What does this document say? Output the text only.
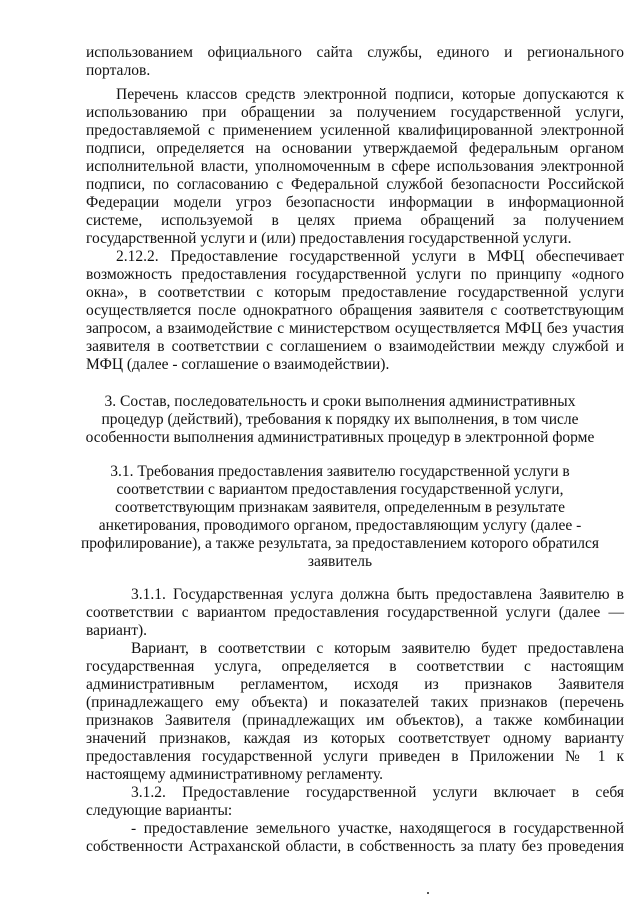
использованием официального сайта службы, единого и регионального
порталов.
Перечень классов средств электронной подписи, которые допускаются к
использованию при обращении за получением государственной услуги,
предоставляемой с применением усиленной квалифицированной электронной
подписи, определяется на основании утверждаемой федеральным органом
исполнительной власти, уполномоченным в сфере использования электронной
подписи, по согласованию с Федеральной службой безопасности Российской
Федерации модели угроз безопасности информации в информационной
системе, используемой в целях приема обращений за получением
государственной услуги и (или) предоставления государственной услуги.
2.12.2. Предоставление государственной услуги в МФЦ обеспечивает
возможность предоставления государственной услуги по принципу «одного
окна», в соответствии с которым предоставление государственной услуги
осуществляется после однократного обращения заявителя с соответствующим
запросом, а взаимодействие с министерством осуществляется МФЦ без участия
заявителя в соответствии с соглашением о взаимодействии между службой и
МФЦ (далее - соглашение о взаимодействии).
3. Состав, последовательность и сроки выполнения административных
процедур (действий), требования к порядку их выполнения, в том числе
особенности выполнения административных процедур в электронной форме
3.1. Требования предоставления заявителю государственной услуги в
соответствии с вариантом предоставления государственной услуги,
соответствующим признакам заявителя, определенным в результате
анкетирования, проводимого органом, предоставляющим услугу (далее -
профилирование), а также результата, за предоставлением которого обратился
заявитель
3.1.1. Государственная услуга должна быть предоставлена Заявителю в
соответствии с вариантом предоставления государственной услуги (далее —
вариант).
Вариант, в соответствии с которым заявителю будет предоставлена
государственная услуга, определяется в соответствии с настоящим
административным регламентом, исходя из признаков Заявителя
(принадлежащего ему объекта) и показателей таких признаков (перечень
признаков Заявителя (принадлежащих им объектов), а также комбинации
значений признаков, каждая из которых соответствует одному варианту
предоставления государственной услуги приведен в Приложении № 1 к
настоящему административному регламенту.
3.1.2. Предоставление государственной услуги включает в себя
следующие варианты:
- предоставление земельного участке, находящегося в государственной
собственности Астраханской области, в собственность за плату без проведения
